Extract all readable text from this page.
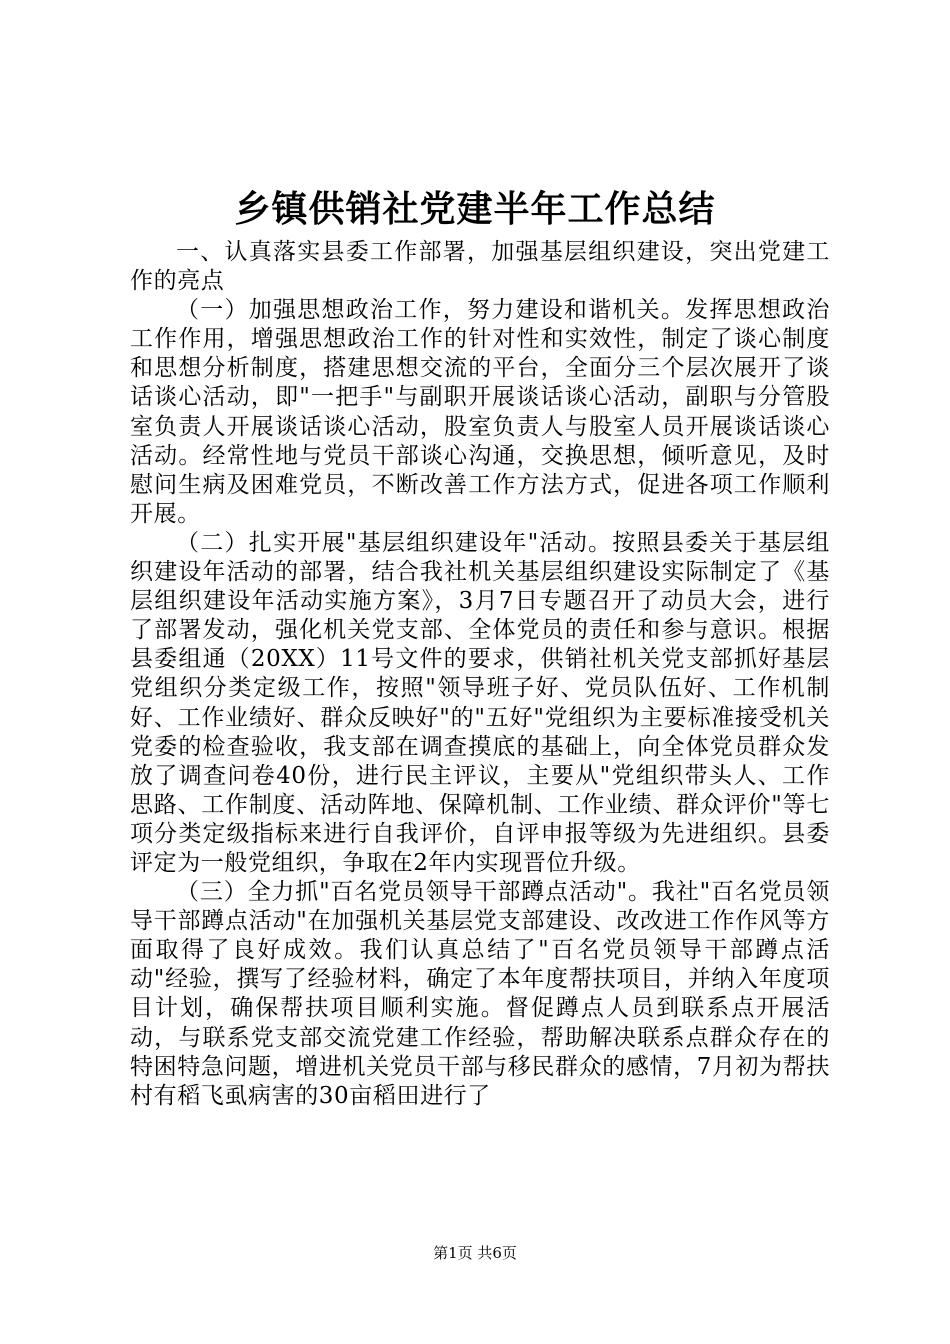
乡镇供销社党建半年工作总结

一、认真落实县委工作部署，加强基层组织建设，突出党建工作的亮点

（一）加强思想政治工作，努力建设和谐机关。发挥思想政治工作作用，增强思想政治工作的针对性和实效性，制定了谈心制度和思想分析制度，搭建思想交流的平台，全面分三个层次展开了谈话谈心活动，即"一把手"与副职开展谈话谈心活动，副职与分管股室负责人开展谈话谈心活动，股室负责人与股室人员开展谈话谈心活动。经常性地与党员干部谈心沟通，交换思想，倾听意见，及时慰问生病及困难党员，不断改善工作方法方式，促进各项工作顺利开展。

（二）扎实开展"基层组织建设年"活动。按照县委关于基层组织建设年活动的部署，结合我社机关基层组织建设实际制定了《基层组织建设年活动实施方案》，3月7日专题召开了动员大会，进行了部署发动，强化机关党支部、全体党员的责任和参与意识。根据县委组通（20XX）11号文件的要求，供销社机关党支部抓好基层党组织分类定级工作，按照"领导班子好、党员队伍好、工作机制好、工作业绩好、群众反映好"的"五好"党组织为主要标准接受机关党委的检查验收，我支部在调查摸底的基础上，向全体党员群众发放了调查问卷40份，进行民主评议，主要从"党组织带头人、工作思路、工作制度、活动阵地、保障机制、工作业绩、群众评价"等七项分类定级指标来进行自我评价，自评申报等级为先进组织。县委评定为一般党组织，争取在2年内实现晋位升级。

（三）全力抓"百名党员领导干部蹲点活动"。我社"百名党员领导干部蹲点活动"在加强机关基层党支部建设、改改进工作作风等方面取得了良好成效。我们认真总结了"百名党员领导干部蹲点活动"经验，撰写了经验材料，确定了本年度帮扶项目，并纳入年度项目计划，确保帮扶项目顺利实施。督促蹲点人员到联系点开展活动，与联系党支部交流党建工作经验，帮助解决联系点群众存在的特困特急问题，增进机关党员干部与移民群众的感情，7月初为帮扶村有稻飞虱病害的30亩稻田进行了

第1页 共6页
